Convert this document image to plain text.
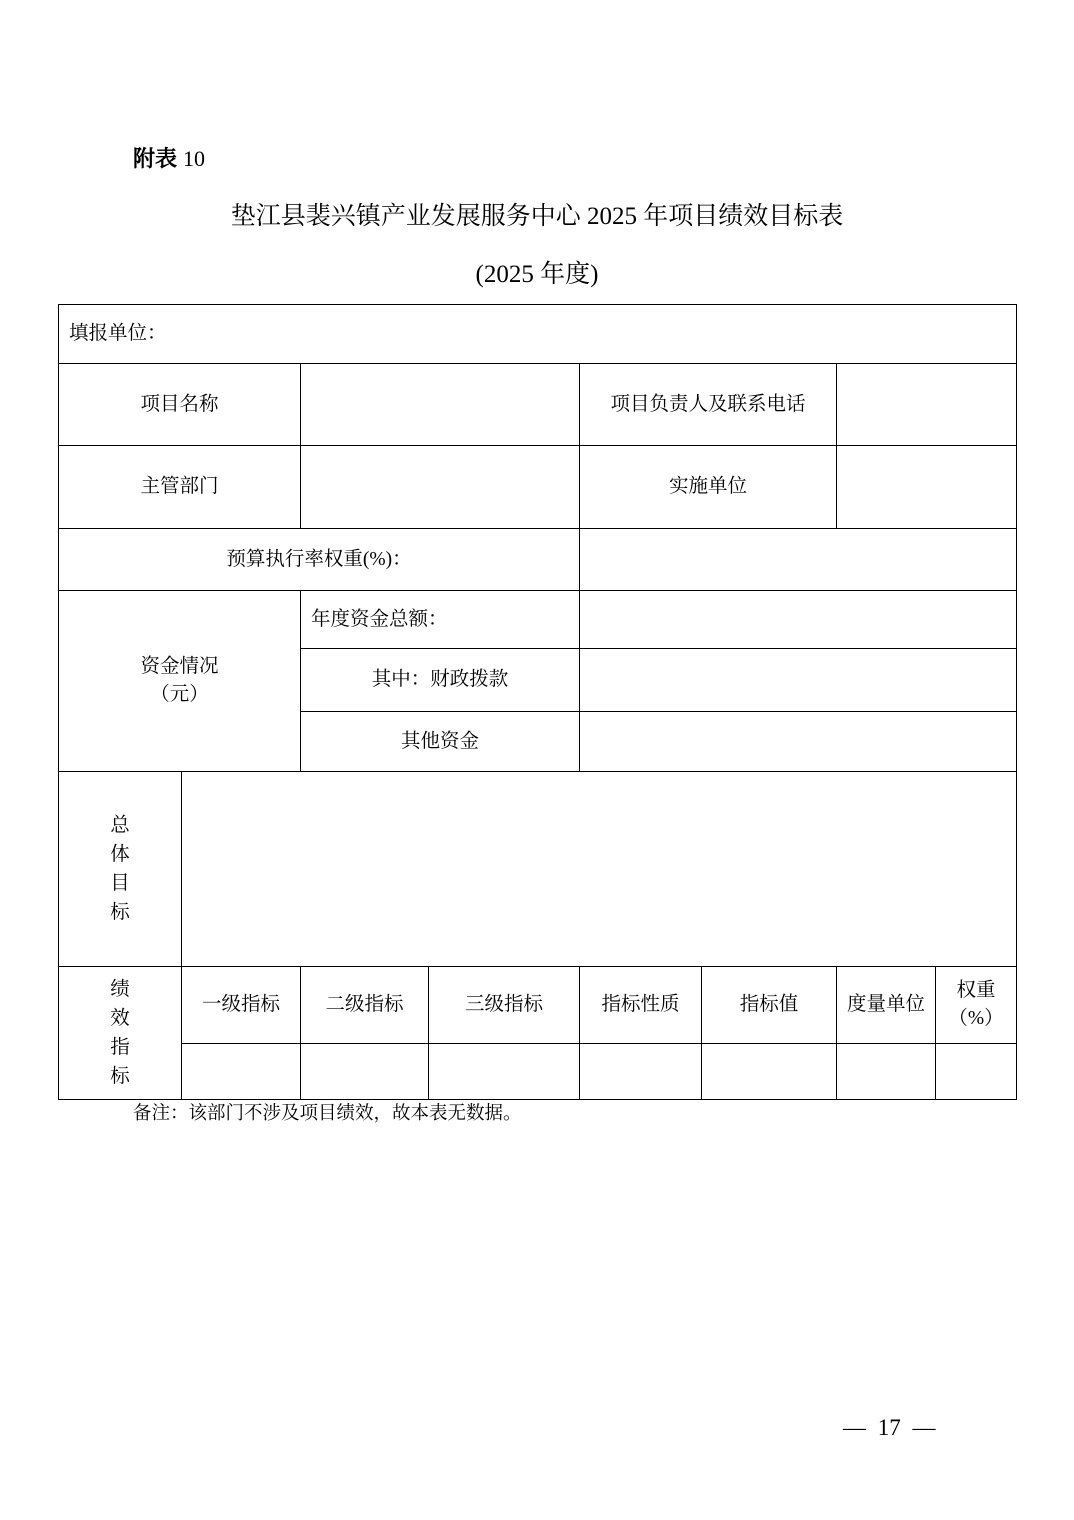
附表 10
垫江县裴兴镇产业发展服务中心 2025 年项目绩效目标表
(2025 年度)
填报单位：							
项目名称				项目负责人及联系电话			
主管部门				实施单位			
预算执行率权重(%)：							

资金情况
（元）		年度资金总额：					
		其中：财政拨款					
		其他资金					

总体目标							

绩效指标	一级指标	二级指标	三级指标	指标性质	指标值	度量单位	权重
（%）

备注：该部门不涉及项目绩效，故本表无数据。
— 17 —
